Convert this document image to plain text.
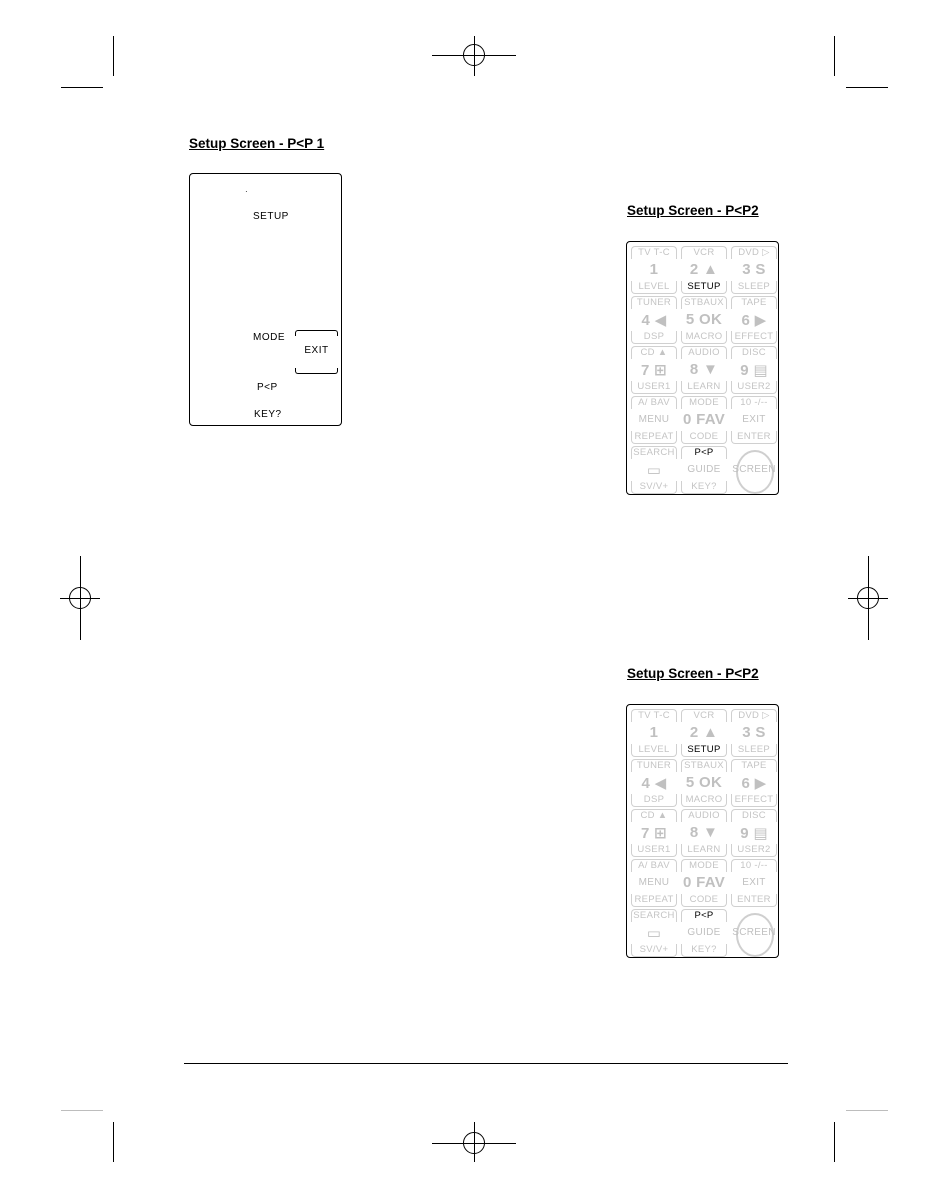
Setup Screen - P<P 1
·
SETUP
MODE
EXIT
P<P
KEY?
Setup Screen - P<P2
TV T-C
1
LEVEL
VCR
2 ▲
SETUP
DVD ▷
3 S
SLEEP
TUNER
4 ◀
DSP
STBAUX
5 OK
MACRO
TAPE
6 ▶
EFFECT
CD ▲
7 ⊞
USER1
AUDIO
8 ▼
LEARN
DISC
9 ▤
USER2
A/ BAV
MENU
REPEAT
MODE
0 FAV
CODE
10 -/--
EXIT
ENTER
SEARCH
▭
SV/V+
P<P
GUIDE
KEY?
SCREEN
Setup Screen - P<P2
TV T-C
1
LEVEL
VCR
2 ▲
SETUP
DVD ▷
3 S
SLEEP
TUNER
4 ◀
DSP
STBAUX
5 OK
MACRO
TAPE
6 ▶
EFFECT
CD ▲
7 ⊞
USER1
AUDIO
8 ▼
LEARN
DISC
9 ▤
USER2
A/ BAV
MENU
REPEAT
MODE
0 FAV
CODE
10 -/--
EXIT
ENTER
SEARCH
▭
SV/V+
P<P
GUIDE
KEY?
SCREEN
